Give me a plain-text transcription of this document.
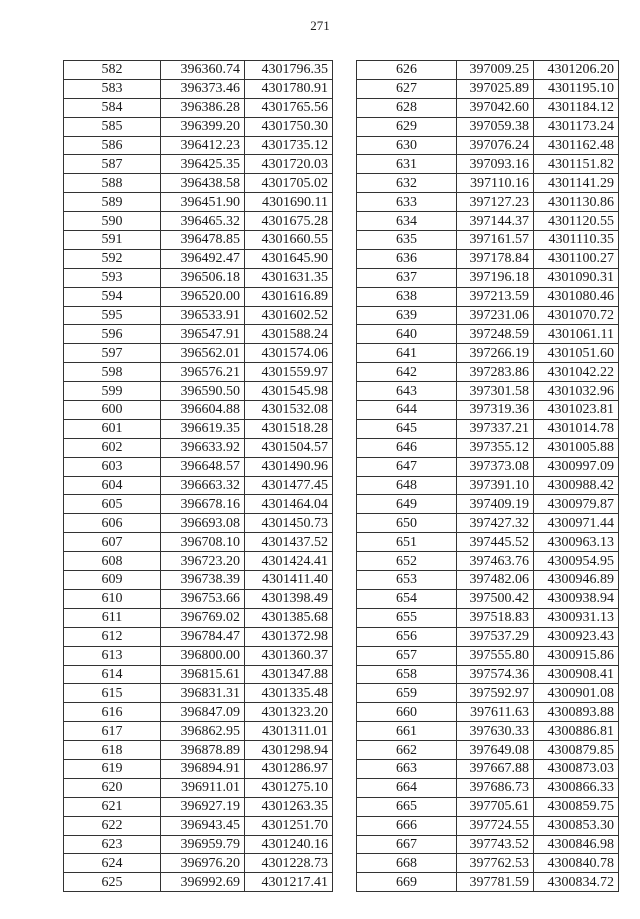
271
582	396360.74	4301796.35
583	396373.46	4301780.91
584	396386.28	4301765.56
585	396399.20	4301750.30
586	396412.23	4301735.12
587	396425.35	4301720.03
588	396438.58	4301705.02
589	396451.90	4301690.11
590	396465.32	4301675.28
591	396478.85	4301660.55
592	396492.47	4301645.90
593	396506.18	4301631.35
594	396520.00	4301616.89
595	396533.91	4301602.52
596	396547.91	4301588.24
597	396562.01	4301574.06
598	396576.21	4301559.97
599	396590.50	4301545.98
600	396604.88	4301532.08
601	396619.35	4301518.28
602	396633.92	4301504.57
603	396648.57	4301490.96
604	396663.32	4301477.45
605	396678.16	4301464.04
606	396693.08	4301450.73
607	396708.10	4301437.52
608	396723.20	4301424.41
609	396738.39	4301411.40
610	396753.66	4301398.49
611	396769.02	4301385.68
612	396784.47	4301372.98
613	396800.00	4301360.37
614	396815.61	4301347.88
615	396831.31	4301335.48
616	396847.09	4301323.20
617	396862.95	4301311.01
618	396878.89	4301298.94
619	396894.91	4301286.97
620	396911.01	4301275.10
621	396927.19	4301263.35
622	396943.45	4301251.70
623	396959.79	4301240.16
624	396976.20	4301228.73
625	396992.69	4301217.41
626	397009.25	4301206.20
627	397025.89	4301195.10
628	397042.60	4301184.12
629	397059.38	4301173.24
630	397076.24	4301162.48
631	397093.16	4301151.82
632	397110.16	4301141.29
633	397127.23	4301130.86
634	397144.37	4301120.55
635	397161.57	4301110.35
636	397178.84	4301100.27
637	397196.18	4301090.31
638	397213.59	4301080.46
639	397231.06	4301070.72
640	397248.59	4301061.11
641	397266.19	4301051.60
642	397283.86	4301042.22
643	397301.58	4301032.96
644	397319.36	4301023.81
645	397337.21	4301014.78
646	397355.12	4301005.88
647	397373.08	4300997.09
648	397391.10	4300988.42
649	397409.19	4300979.87
650	397427.32	4300971.44
651	397445.52	4300963.13
652	397463.76	4300954.95
653	397482.06	4300946.89
654	397500.42	4300938.94
655	397518.83	4300931.13
656	397537.29	4300923.43
657	397555.80	4300915.86
658	397574.36	4300908.41
659	397592.97	4300901.08
660	397611.63	4300893.88
661	397630.33	4300886.81
662	397649.08	4300879.85
663	397667.88	4300873.03
664	397686.73	4300866.33
665	397705.61	4300859.75
666	397724.55	4300853.30
667	397743.52	4300846.98
668	397762.53	4300840.78
669	397781.59	4300834.72
